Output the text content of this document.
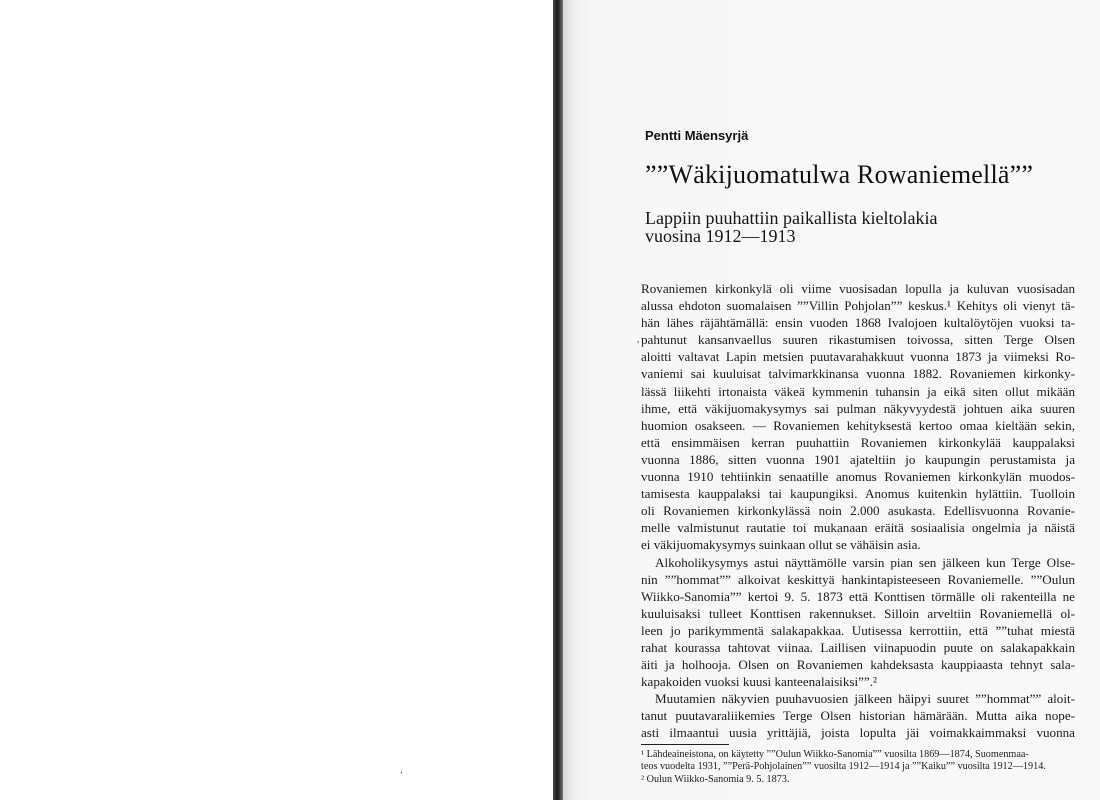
’
,
Pentti Mäensyrjä
””Wäkijuomatulwa Rowaniemellä””
Lappiin puuhattiin paikallista kieltolakia
vuosina 1912—1913
Rovaniemen kirkonkylä oli viime vuosisadan lopulla ja kuluvan vuosisadan
alussa ehdoton suomalaisen ””Villin Pohjolan”” keskus.¹ Kehitys oli vienyt tä-
hän lähes räjähtämällä: ensin vuoden 1868 Ivalojoen kultalöytöjen vuoksi ta-
pahtunut kansanvaellus suuren rikastumisen toivossa, sitten Terge Olsen
aloitti valtavat Lapin metsien puutavarahakkuut vuonna 1873 ja viimeksi Ro-
vaniemi sai kuuluisat talvimarkkinansa vuonna 1882. Rovaniemen kirkonky-
lässä liikehti irtonaista väkeä kymmenin tuhansin ja eikä siten ollut mikään
ihme, että väkijuomakysymys sai pulman näkyvyydestä johtuen aika suuren
huomion osakseen. — Rovaniemen kehityksestä kertoo omaa kieltään sekin,
että ensimmäisen kerran puuhattiin Rovaniemen kirkonkylää kauppalaksi
vuonna 1886, sitten vuonna 1901 ajateltiin jo kaupungin perustamista ja
vuonna 1910 tehtiinkin senaatille anomus Rovaniemen kirkonkylän muodos-
tamisesta kauppalaksi tai kaupungiksi. Anomus kuitenkin hylättiin. Tuolloin
oli Rovaniemen kirkonkylässä noin 2.000 asukasta. Edellisvuonna Rovanie-
melle valmistunut rautatie toi mukanaan eräitä sosiaalisia ongelmia ja näistä
ei väkijuomakysymys suinkaan ollut se vähäisin asia.
Alkoholikysymys astui näyttämölle varsin pian sen jälkeen kun Terge Olse-
nin ””hommat”” alkoivat keskittyä hankintapisteeseen Rovaniemelle. ””Oulun
Wiikko-Sanomia”” kertoi 9. 5. 1873 että Konttisen törmälle oli rakenteilla ne
kuuluisaksi tulleet Konttisen rakennukset. Silloin arveltiin Rovaniemellä ol-
leen jo parikymmentä salakapakkaa. Uutisessa kerrottiin, että ””tuhat miestä
rahat kourassa tahtovat viinaa. Laillisen viinapuodin puute on salakapakkain
äiti ja holhooja. Olsen on Rovaniemen kahdeksasta kauppiaasta tehnyt sala-
kapakoiden vuoksi kuusi kanteenalaisiksi””.²
Muutamien näkyvien puuhavuosien jälkeen häipyi suuret ””hommat”” aloit-
tanut puutavaraliikemies Terge Olsen historian hämärään. Mutta aika nope-
asti ilmaantui uusia yrittäjiä, joista lopulta jäi voimakkaimmaksi vuonna
¹ Lähdeaineistona, on käytetty ””Oulun Wiikko-Sanomia”” vuosilta 1869—1874, Suomenmaa-
teos vuodelta 1931, ””Perä-Pohjolainen”” vuosilta 1912—1914 ja ””Kaiku”” vuosilta 1912—1914.
² Oulun Wiikko-Sanomia 9. 5. 1873.
